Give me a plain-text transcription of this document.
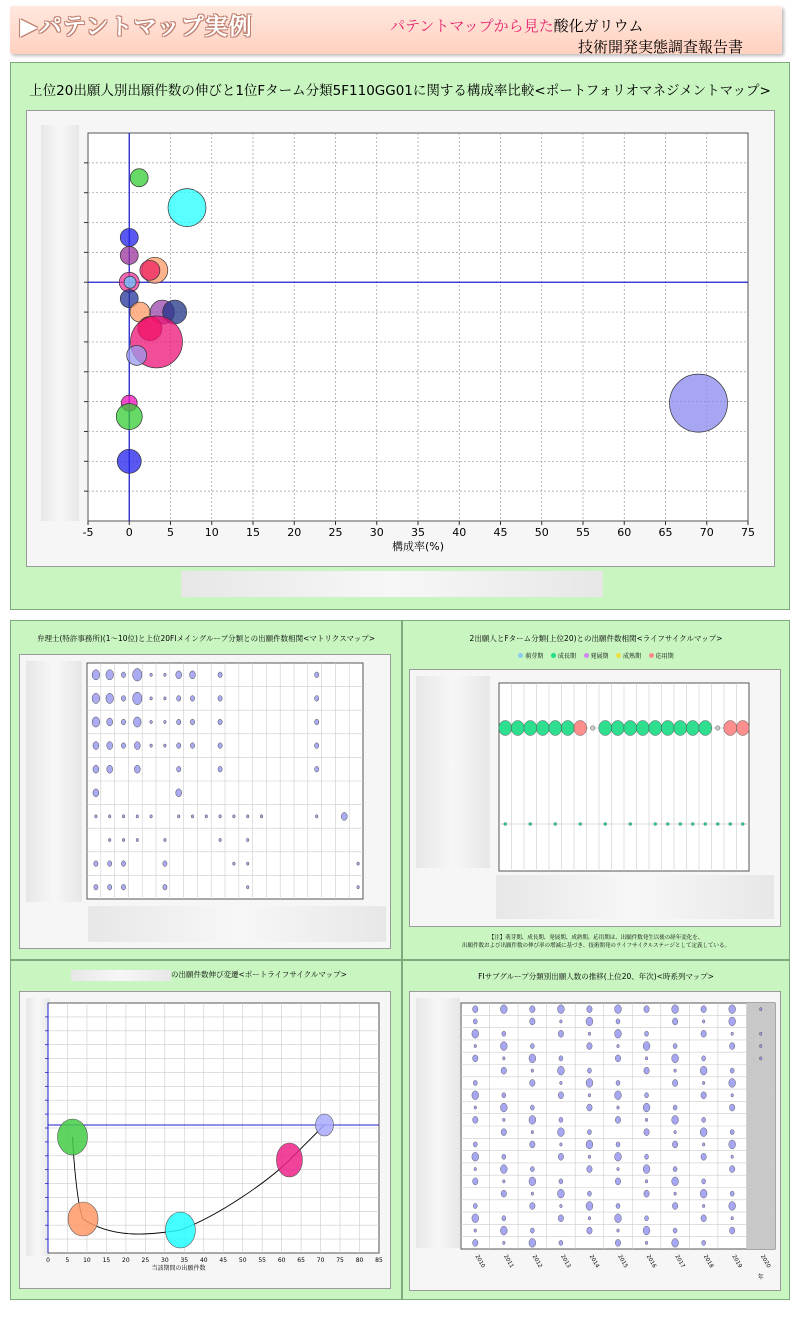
▶パテントマップ実例	パテントマップから見た酸化ガリウム
技術開発実態調査報告書
上位20出願人別出願件数の伸びと1位Fターム分類5F110GG01に関する構成率比較<ポートフォリオマネジメントマップ>
-5	0	5	10 15 20 25 30 35 40 45 50 55 60 65 70 75
構成率(%)
弁理士(特許事務所)(1〜10位)と上位20FIメイングループ分類との出願件数相関<マトリクスマップ>	2出願人とFターム分類(上位20)との出願件数相関<ライフサイクルマップ>
萌芽期 成長期 発展期 成熟期 応用期
【注】萌芽期、成長期、発展期、成熟期、応用期は、出願件数発生以後の経年変化を、
出願件数および出願件数の伸び率の増減に基づき、技術開発のライフサイクルステージとして定義している。
の出願件数伸び変遷<ポートライフサイクルマップ>
0	5 10 15 20 25 30 35 40 45 50 55 60 65 70 75 80 85
当該期間の出願件数
FIサブグループ分類別出願人数の推移(上位20、年次)<時系列マップ>
2010	2011	2012	2013	2014	2015	2016	2017	2018	2019	2020
年
